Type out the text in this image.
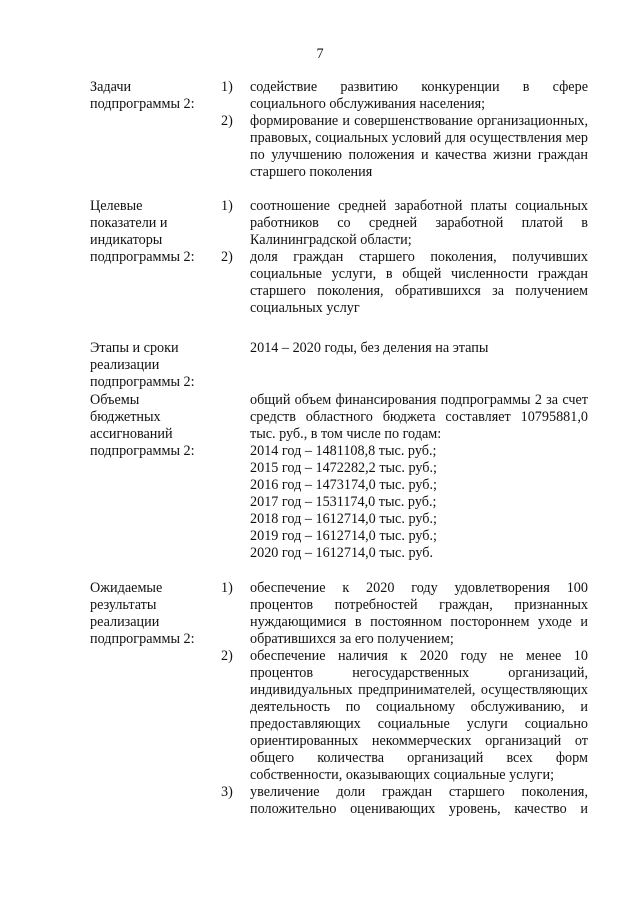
7
Задачи
подпрограммы 2:
1)	содействие развитию конкуренции в сфере социального обслуживания населения;
2)	формирование и совершенствование организационных, правовых, социальных условий для осуществления мер по улучшению положения и качества жизни граждан старшего поколения
Целевые
показатели и
индикаторы
подпрограммы 2:
1)	соотношение средней заработной платы социальных работников со средней заработной платой в Калининградской области;
2)	доля граждан старшего поколения, получивших социальные услуги, в общей численности граждан старшего поколения, обратившихся за получением социальных услуг
Этапы и сроки
реализации
подпрограммы 2:
2014 – 2020 годы, без деления на этапы
Объемы
бюджетных
ассигнований
подпрограммы 2:
общий объем финансирования подпрограммы 2 за счет средств областного бюджета составляет 10795881,0 тыс. руб., в том числе по годам:
2014 год – 1481108,8 тыс. руб.;
2015 год – 1472282,2 тыс. руб.;
2016 год – 1473174,0 тыс. руб.;
2017 год – 1531174,0 тыс. руб.;
2018 год – 1612714,0 тыс. руб.;
2019 год – 1612714,0 тыс. руб.;
2020 год – 1612714,0 тыс. руб.
Ожидаемые
результаты
реализации
подпрограммы 2:
1)	обеспечение к 2020 году удовлетворения 100 процентов потребностей граждан, признанных нуждающимися в постоянном постороннем уходе и обратившихся за его получением;
2)	обеспечение наличия к 2020 году не менее 10 процентов негосударственных организаций, индивидуальных предпринимателей, осуществляющих деятельность по социальному обслуживанию, и предоставляющих социальные услуги социально ориентированных некоммерческих организаций от общего количества организаций всех форм собственности, оказывающих социальные услуги;
3)	увеличение доли граждан старшего поколения, положительно оценивающих уровень, качество и
